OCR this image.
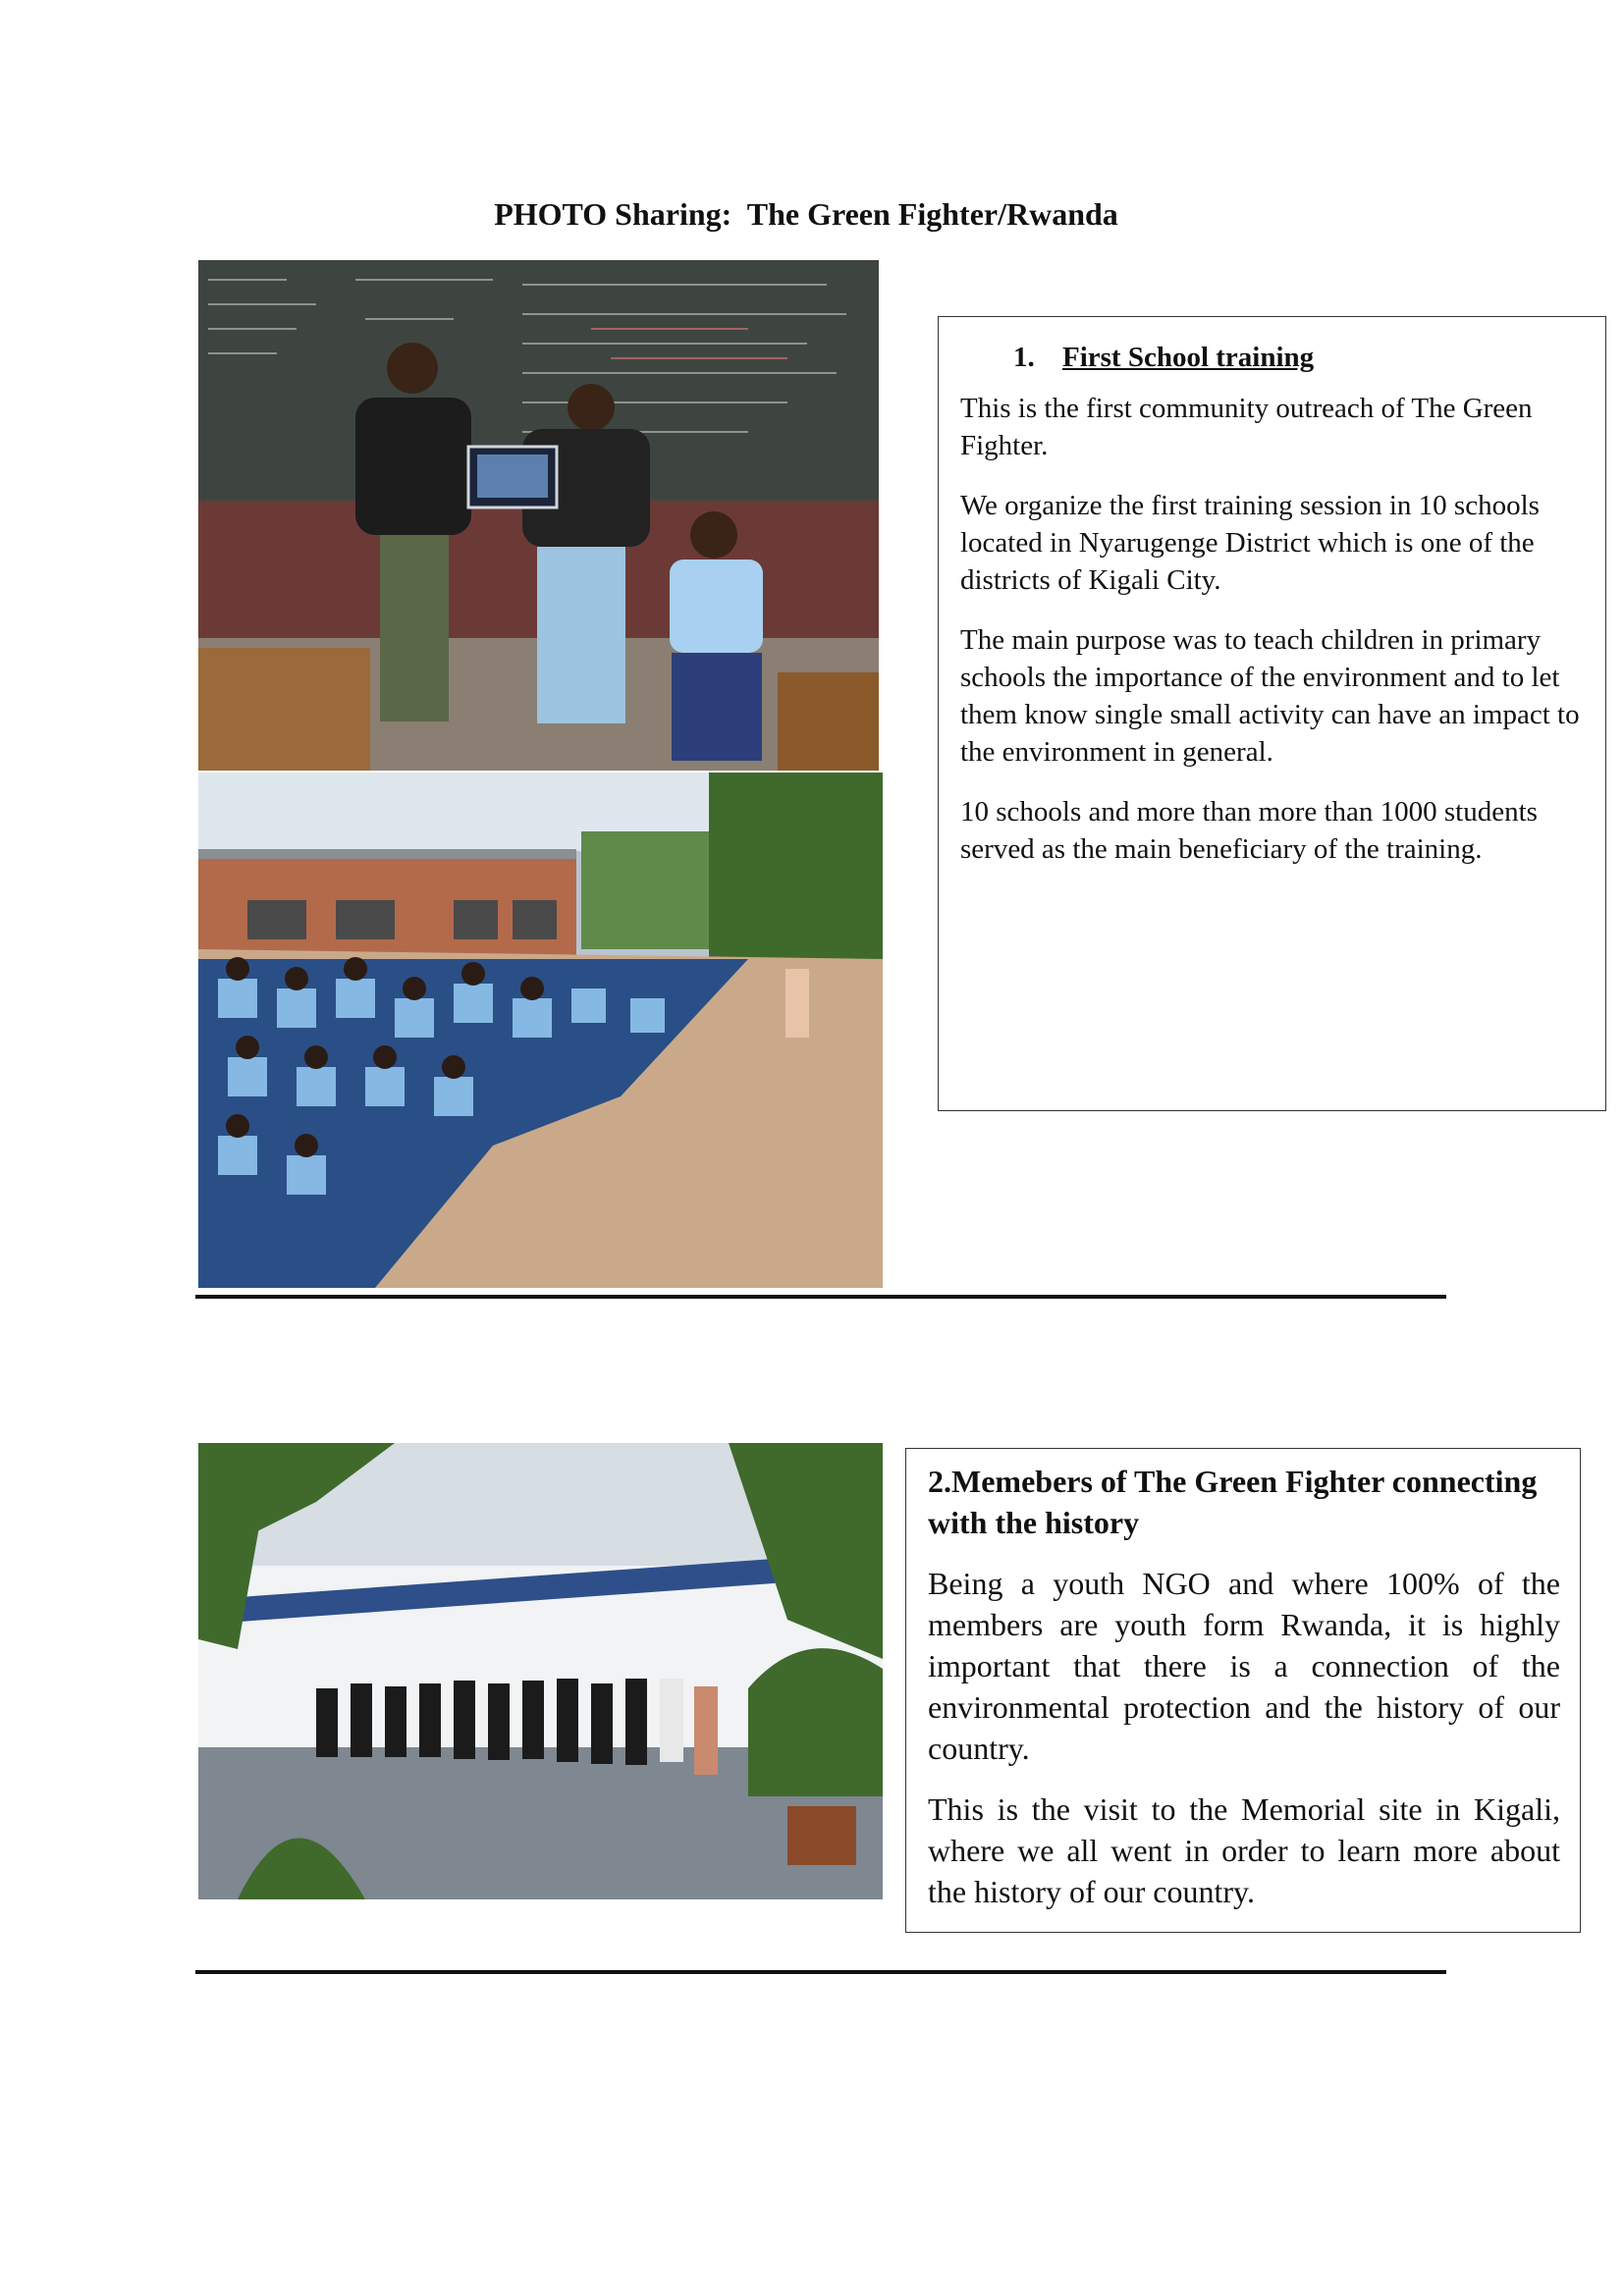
PHOTO Sharing:  The Green Fighter/Rwanda

1. First School training

This is the first community outreach of The Green Fighter.

We organize the first training session in 10 schools located in Nyarugenge District which is one of the districts of Kigali City.

The main purpose was to teach children in primary schools the importance of the environment and to let them know single small activity can have an impact to the environment in general.

10 schools and more than more than 1000 students served as the main beneficiary of the training.

2.Memebers of The Green Fighter connecting with the history

Being a youth NGO and where 100% of the members are youth form Rwanda, it is highly important that there is a connection of the environmental protection and the history of our country.

This is the visit to the Memorial site in Kigali, where we all went in order to learn more about the history of our country.
